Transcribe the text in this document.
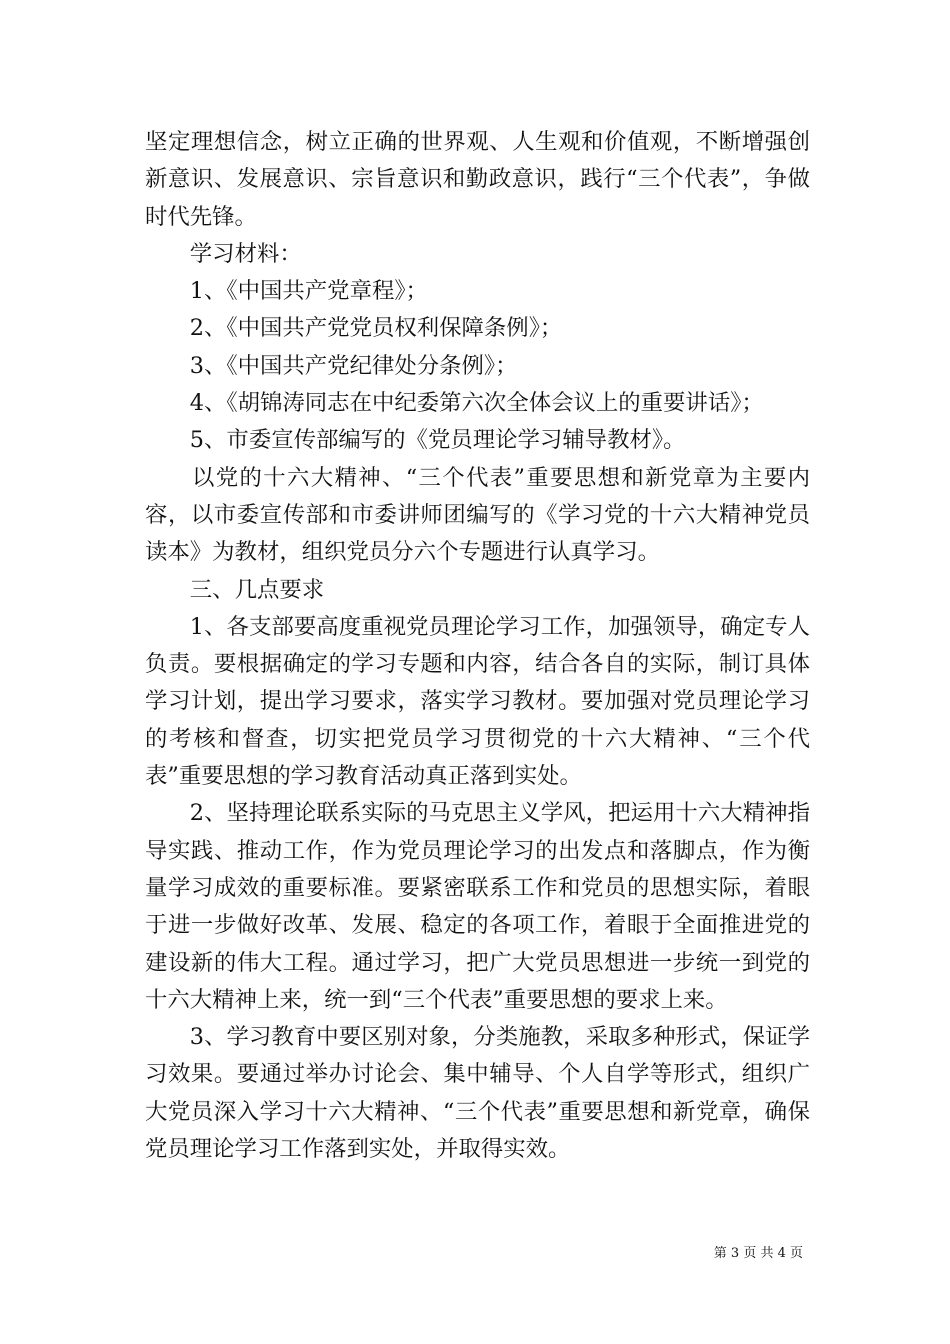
坚定理想信念，树立正确的世界观、人生观和价值观，不断增强创新意识、发展意识、宗旨意识和勤政意识，践行“三个代表”，争做时代先锋。

学习材料：

1、《中国共产党章程》；

2、《中国共产党党员权利保障条例》；

3、《中国共产党纪律处分条例》；

4、《胡锦涛同志在中纪委第六次全体会议上的重要讲话》；

5、市委宣传部编写的《党员理论学习辅导教材》。

以党的十六大精神、“三个代表”重要思想和新党章为主要内容，以市委宣传部和市委讲师团编写的《学习党的十六大精神党员读本》为教材，组织党员分六个专题进行认真学习。

三、几点要求

1、各支部要高度重视党员理论学习工作，加强领导，确定专人负责。要根据确定的学习专题和内容，结合各自的实际，制订具体学习计划，提出学习要求，落实学习教材。要加强对党员理论学习的考核和督查，切实把党员学习贯彻党的十六大精神、“三个代表”重要思想的学习教育活动真正落到实处。

2、坚持理论联系实际的马克思主义学风，把运用十六大精神指导实践、推动工作，作为党员理论学习的出发点和落脚点，作为衡量学习成效的重要标准。要紧密联系工作和党员的思想实际，着眼于进一步做好改革、发展、稳定的各项工作，着眼于全面推进党的建设新的伟大工程。通过学习，把广大党员思想进一步统一到党的十六大精神上来，统一到“三个代表”重要思想的要求上来。

3、学习教育中要区别对象，分类施教，采取多种形式，保证学习效果。要通过举办讨论会、集中辅导、个人自学等形式，组织广大党员深入学习十六大精神、“三个代表”重要思想和新党章，确保党员理论学习工作落到实处，并取得实效。

第 3 页 共 4 页
